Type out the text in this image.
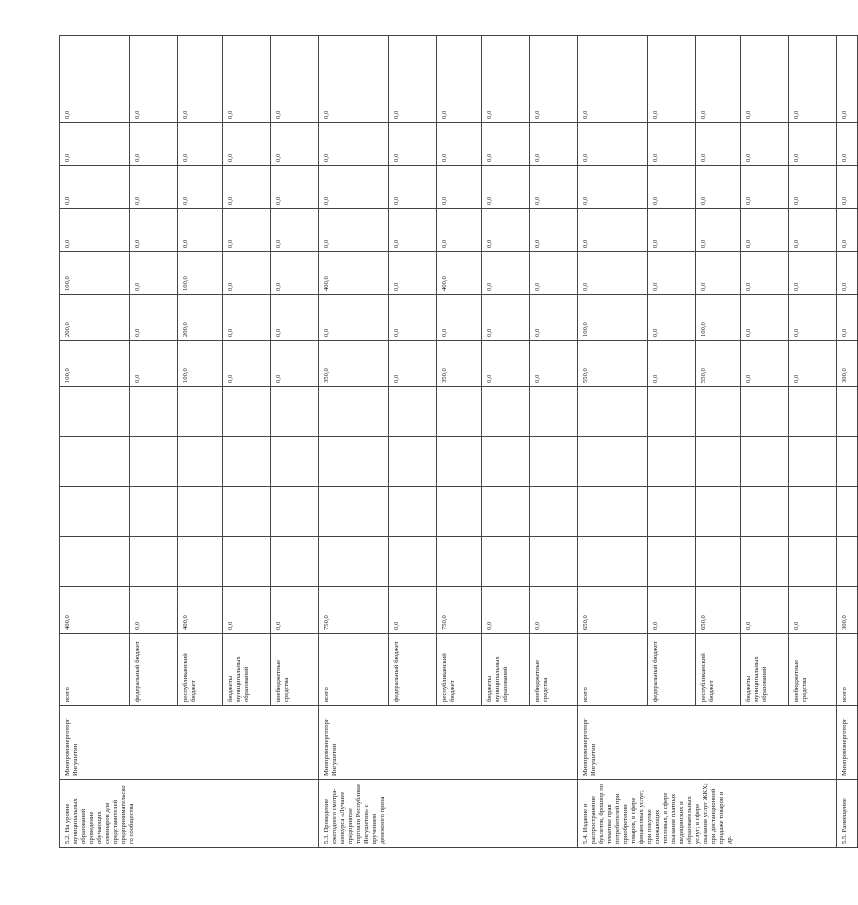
5.2. На уровне муниципальных образований проведение обучающих семинаров для представителей предпринимательского сообщества	Минпромэнерготорг Ингушетии	всего	400,0					100,0	200,0	100,0	0,0	0,0	0,0	0,0
		федеральный бюджет	0,0					0,0	0,0	0,0	0,0	0,0	0,0	0,0
		республиканский бюджет	400,0					100,0	200,0	100,0	0,0	0,0	0,0	0,0
		бюджеты муниципальных образований	0,0					0,0	0,0	0,0	0,0	0,0	0,0	0,0
		внебюджетные средства	0,0					0,0	0,0	0,0	0,0	0,0	0,0	0,0
5.3. Проведение ежегодного смотра-конкурса «Лучшее предприятие торговли Республики Ингушетия» с вручением денежного приза	Минпромэнерготорг Ингушетии	всего	750,0					350,0	0,0	400,0	0,0	0,0	0,0	0,0
		федеральный бюджет	0,0					0,0	0,0	0,0	0,0	0,0	0,0	0,0
		республиканский бюджет	750,0					350,0	0,0	400,0	0,0	0,0	0,0	0,0
		бюджеты муниципальных образований	0,0					0,0	0,0	0,0	0,0	0,0	0,0	0,0
		внебюджетные средства	0,0					0,0	0,0	0,0	0,0	0,0	0,0	0,0
5.4. Издание и распространение буклетов, брошюр по тематике прав потребителей при приобретении товаров, в сфере финансовых услуг; при покупке снижающих тепловых, в сфере оказания платных медицинских и образовательных услуг; в сфере оказания услуг ЖКХ; при дистанционной продаже товаров и др.	Минпромэнерготорг Ингушетии	всего	650,0					550,0	100,0	0,0	0,0	0,0	0,0	0,0
		федеральный бюджет	0,0					0,0	0,0	0,0	0,0	0,0	0,0	0,0
		республиканский бюджет	650,0					550,0	100,0	0,0	0,0	0,0	0,0	0,0
		бюджеты муниципальных образований	0,0					0,0	0,0	0,0	0,0	0,0	0,0	0,0
		внебюджетные средства	0,0					0,0	0,0	0,0	0,0	0,0	0,0	0,0
5.5. Размещение	Минпромэнерготорг	всего	300,0					300,0	0,0	0,0	0,0	0,0	0,0	0,0
